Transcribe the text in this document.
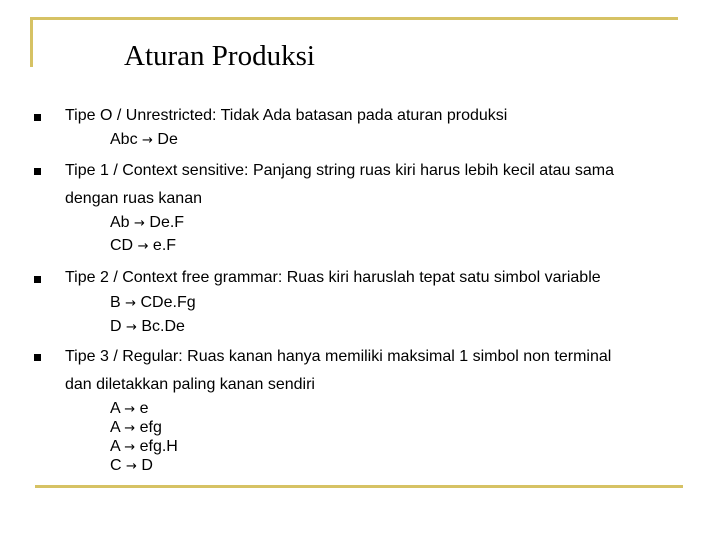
Aturan Produksi
Tipe O / Unrestricted: Tidak Ada batasan pada aturan produksi
Abc → De
Tipe 1 / Context sensitive: Panjang string ruas kiri harus lebih kecil atau sama
dengan ruas kanan
Ab → De.F
CD → e.F
Tipe 2 / Context free grammar: Ruas kiri haruslah tepat satu simbol variable
B → CDe.Fg
D → Bc.De
Tipe 3 / Regular: Ruas kanan hanya memiliki maksimal 1 simbol non terminal
dan diletakkan paling kanan sendiri
A → e
A → efg
A → efg.H
C → D
